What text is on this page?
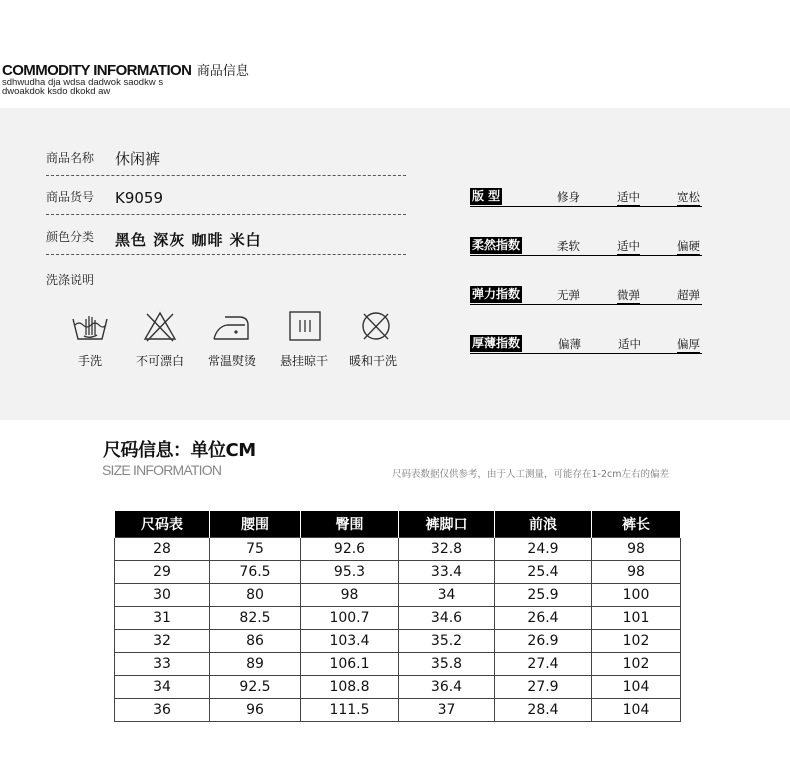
COMMODITY INFORMATION 商品信息
sdhwudha dja wdsa dadwok saodkw s
dwoakdok ksdo dkokd aw
商品名称 休闲裤
商品货号 K9059
颜色分类 黑色 深灰 咖啡 米白
洗涤说明
手洗	不可漂白	常温熨烫	悬挂晾干	暖和干洗
版 型	修身	适中	宽松
柔然指数	柔软	适中	偏硬
弹力指数	无弹	微弹	超弹
厚薄指数	偏薄	适中	偏厚
尺码信息：单位CM
SIZE INFORMATION	尺码表数据仅供参考，由于人工测量，可能存在1-2cm左右的偏差
尺码表	腰围	臀围	裤脚口	前浪	裤长
28	75	92.6	32.8	24.9	98
29	76.5	95.3	33.4	25.4	98
30	80	98	34	25.9	100
31	82.5	100.7	34.6	26.4	101
32	86	103.4	35.2	26.9	102
33	89	106.1	35.8	27.4	102
34	92.5	108.8	36.4	27.9	104
36	96	111.5	37	28.4	104
